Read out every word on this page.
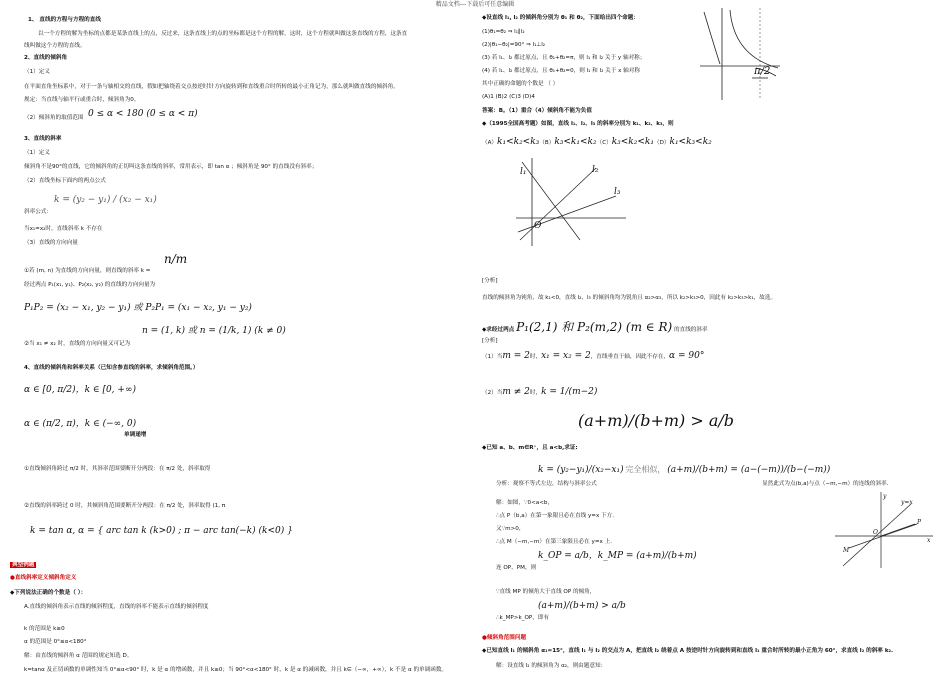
精品文档---下载后可任意编辑
1、 直线的方程与方程的直线
以一个方程的解为坐标的点都是某条直线上的点，反过来，这条直线上的点的坐标都是这个方程的解，这时，这个方程就叫做这条直线的方程，这条直
线叫做这个方程的直线。
2、直线的倾斜角
（1）定义
在平面直角坐标系中，对于一条与轴相交的直线，假如把轴绕着交点按逆时针方向旋转到和直线重合时所转的最小正角记为，那么就叫做直线的倾斜角。
规定：当直线与轴平行或重合时，倾斜角为0。
（2）倾斜角的取值范围 0 ≤ α < 180 (0 ≤ α < π)
3、直线的斜率
（1）定义
倾斜角不是90°的直线，它的倾斜角的正切叫这条直线的斜率，常用表示，即 tan α ；倾斜角是 90° 的直线没有斜率；
（2）直线坐标下面内的两点公式
k = (y₂ − y₁) / (x₂ − x₁)
斜率公式：
当x₁=x₂时，直线斜率 k 不存在
（3）直线的方向向量
①若 (m, n) 为直线的方向向量，则直线的斜率 k =
n/m
经过两点 P₁(x₁, y₁)、P₂(x₂, y₂) 的直线的方向向量为
P₁P₂ = (x₂ − x₁, y₂ − y₁) 或 P₂P₁ = (x₁ − x₂, y₁ − y₂)
②当 x₁ ≠ x₂ 时，直线的方向向量又可记为
n = (1, k) 或 n = (1/k, 1) (k ≠ 0)
4、直线的倾斜角和斜率关系（已知含参直线的斜率，求倾斜角范围。）
α ∈ [0, π/2)，k ∈ [0, +∞)
α ∈ (π/2, π)，k ∈ (−∞, 0)
单调递增
①直线倾斜角跨过 π/2 时，其斜率范围要断开分两段：在 π/2 处，斜率取得
②直线的斜率跨过 0 时，其倾斜角范围要断开分两段：在 π/2 处，斜率取得 (1, π
k = tan α, α = { arc tan k (k>0) ; π − arc tan(−k) (k<0) }
典型例题
●直线斜率定义倾斜角定义
◆下列说法正确的个数是（ ）：
A.直线的倾斜角表示直线的倾斜程度，直线的斜率不能表示直线的倾斜程度
k 的范围是 k≥0
α 的范围是 0°≤α<180°
解：由直线的倾斜角 α 范围的规定知选 D。
k=tanα 及正切函数的单调性知当 0°≤α<90° 时，k 是 α 的增函数，并且 k≥0；当 90°<α<180° 时，k 是 α 的减函数，并且 k∈（−∞，+∞），k 不是 α 的单调函数。
◆设直线 l₁, l₂ 的倾斜角分别为 θ₁ 和 θ₂，下面给出四个命题：
(1)θ₁=θ₂ ⇒ l₁∥l₂
(2)|θ₁−θ₂|=90° ⇒ l₁⊥l₂
(3) 若 l₁、l₂ 都过原点，且 θ₁+θ₂=π，则 l₁ 和 l₂ 关于 y 轴对称；
(4) 若 l₁、l₂ 都过原点，且 θ₁+θ₂=0，则 l₁ 和 l₂ 关于 x 轴对称
其中正确的命题的个数是 （ ）
(A)1 (B)2 (C)3 (D)4
答案：B。（1）重合（4）倾斜角不能为负值
◆（1995全国高考题）如图，直线 l₁、l₂、l₃ 的斜率分别为 k₁、k₂、k₃，则
（A）k₁<k₂<k₃（B）k₃<k₁<k₂（C）k₃<k₂<k₁（D）k₁<k₃<k₂
[分析]
直线的倾斜角为钝角，故 k₁<0，直线 l₂、l₃ 的倾斜角均为锐角且 α₂>α₃，所以 k₂>k₃>0，因此有 k₂>k₃>k₁，故选。
◆求经过两点 P₁(2,1) 和 P₂(m,2) (m ∈ R) 的直线的斜率
[分析]
（1）当m = 2时，x₁ = x₂ = 2，直线垂直于轴，因此不存在，α = 90°
（2）当m ≠ 2时，k = 1/(m−2)
(a+m)/(b+m) > a/b
◆已知 a、b、m∈R⁺，且 a<b,求证:
k = (y₂−y₁)/(x₂−x₁) 完全相似， (a+m)/(b+m) = (a−(−m))/(b−(−m))
分析：观察不等式左边，结构与斜率公式	显然此式为点(b,a)与点（−m,−m）的连线的斜率.
解：如图，∵0<a<b，
∴点 P（b,a）在第一象限且必在直线 y=x 下方.
又∵m>0，
∴点 M（−m,−m）在第三象限且必在 y=x 上.
连 OP、PM，则
k_OP = a/b，k_MP = (a+m)/(b+m)
∵直线 MP 的倾角大于直线 OP 的倾角，
∴k_MP>k_OP，即有
(a+m)/(b+m) > a/b
●倾斜角范围问题
◆已知直线 l₁ 的倾斜角 α₁=15°，直线 l₁ 与 l₂ 的交点为 A，把直线 l₂ 绕着点 A 按逆时针方向旋转到和直线 l₁ 重合时所转的最小正角为 60°，求直线 l₂ 的斜率 k₂.
解：设直线 l₂ 的倾斜角为 α₂，则由题意知：
π/2
l₁	l₂
l₃
O
y
x
y=x
P
O
M
